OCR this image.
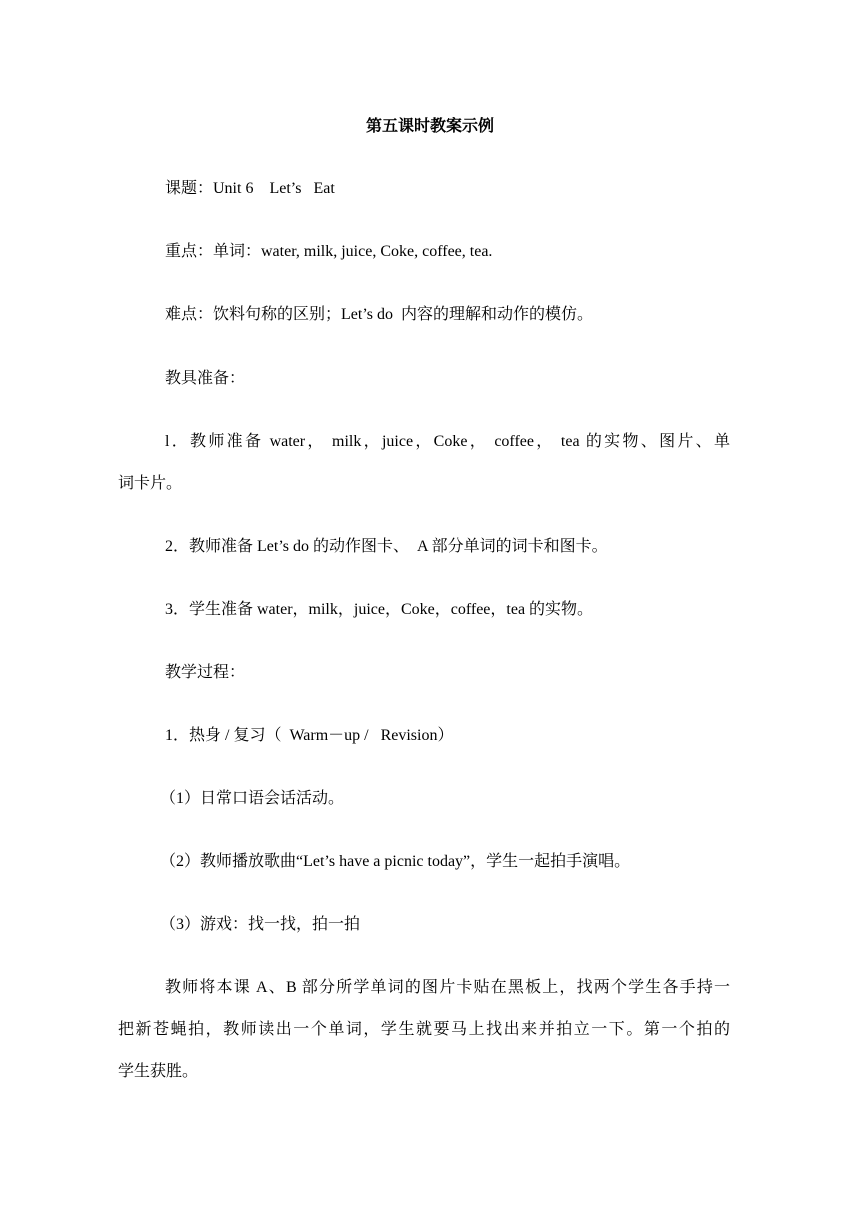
第五课时教案示例
课题：Unit 6    Let’s   Eat
重点：单词：water, milk, juice, Coke, coffee, tea.
难点：饮料句称的区别；Let’s do  内容的理解和动作的模仿。
教具准备：
l．教师准备 water， milk，juice，Coke， coffee， tea 的实物、图片、单
词卡片。
2．教师准备 Let’s do 的动作图卡、  A 部分单词的词卡和图卡。
3．学生准备 water，milk，juice，Coke，coffee，tea 的实物。
教学过程：
1．热身 / 复习（  Warm－up /   Revision）
（1）日常口语会话活动。
（2）教师播放歌曲“Let’s have a picnic today”，学生一起拍手演唱。
（3）游戏：找一找，拍一拍
教师将本课 A、B 部分所学单词的图片卡贴在黑板上，找两个学生各手持一
把新苍蝇拍，教师读出一个单词，学生就要马上找出来并拍立一下。第一个拍的
学生获胜。
